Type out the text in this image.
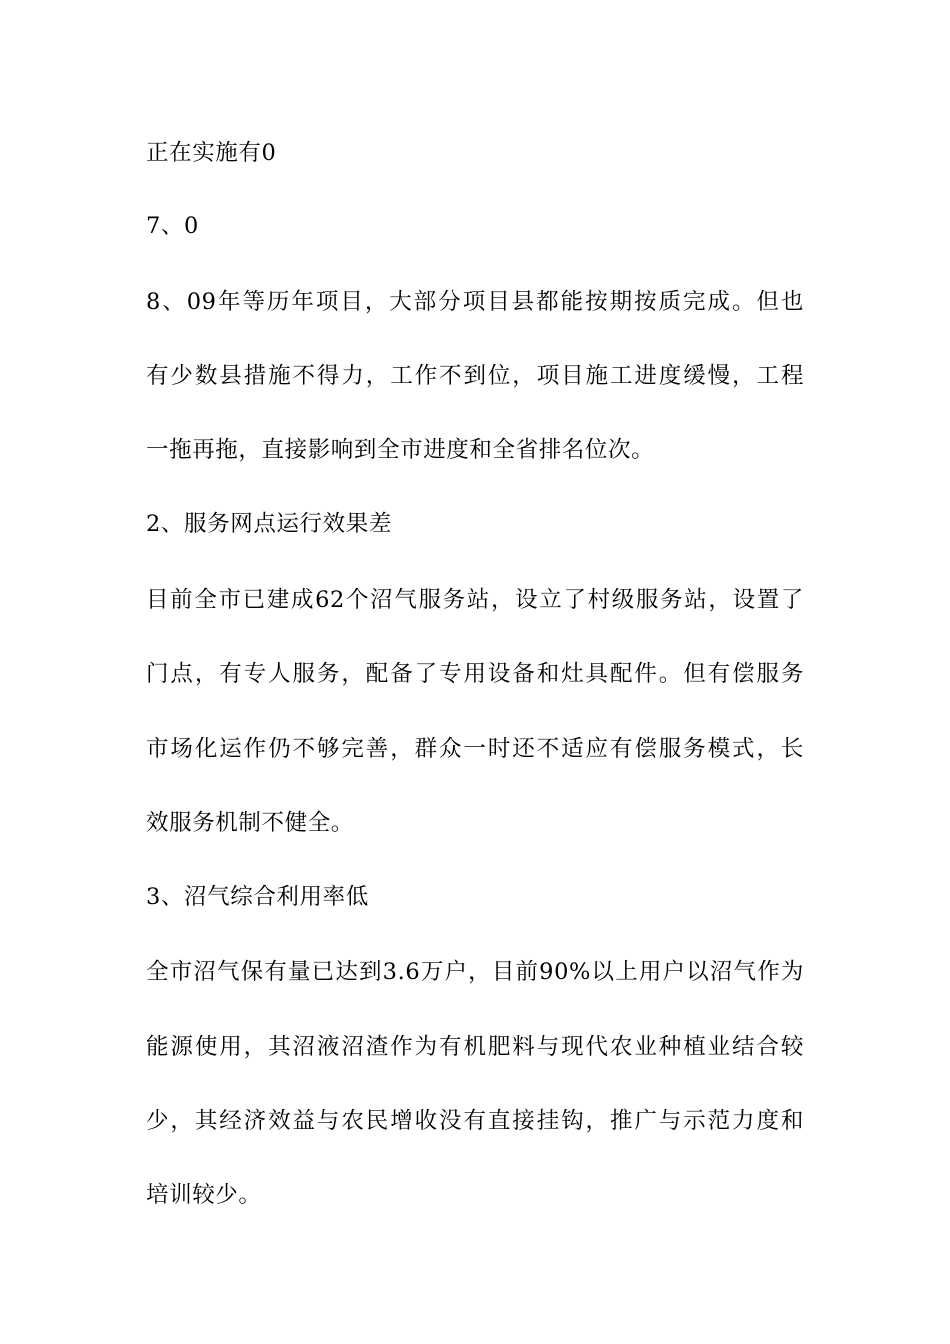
正在实施有0

7、0

8、09年等历年项目，大部分项目县都能按期按质完成。但也

有少数县措施不得力，工作不到位，项目施工进度缓慢，工程

一拖再拖，直接影响到全市进度和全省排名位次。

2、服务网点运行效果差

目前全市已建成62个沼气服务站，设立了村级服务站，设置了

门点，有专人服务，配备了专用设备和灶具配件。但有偿服务

市场化运作仍不够完善，群众一时还不适应有偿服务模式，长

效服务机制不健全。

3、沼气综合利用率低

全市沼气保有量已达到3.6万户，目前90%以上用户以沼气作为

能源使用，其沼液沼渣作为有机肥料与现代农业种植业结合较

少，其经济效益与农民增收没有直接挂钩，推广与示范力度和

培训较少。
